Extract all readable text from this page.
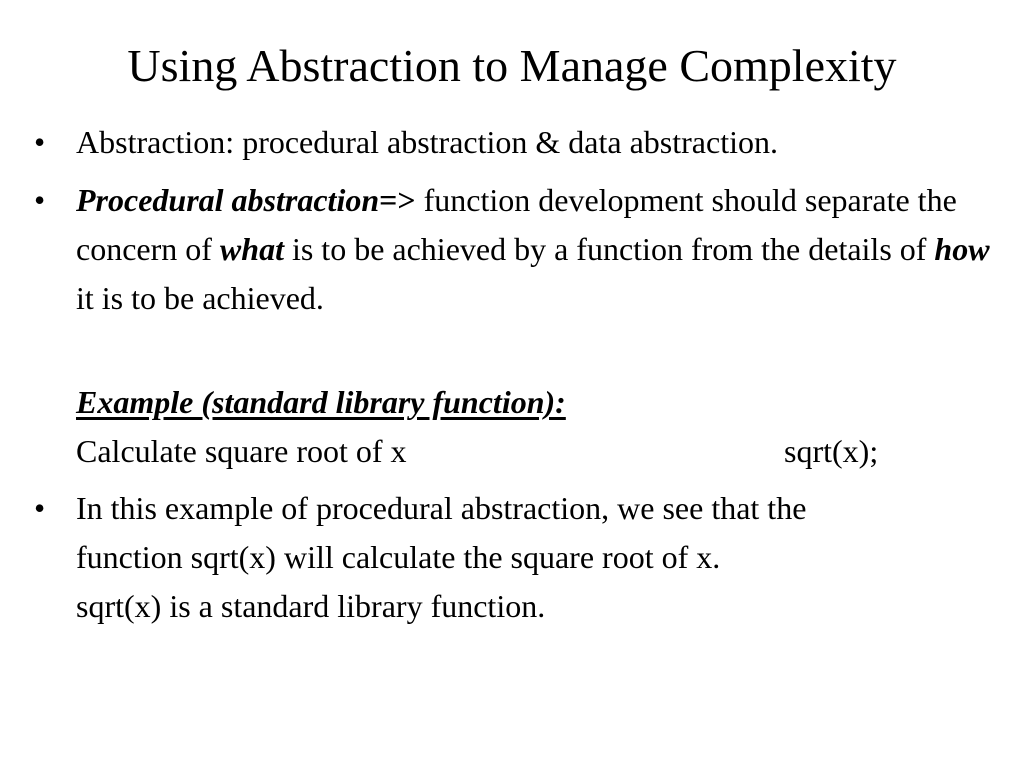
Using Abstraction to Manage Complexity
• Abstraction: procedural abstraction & data abstraction.
• Procedural abstraction=> function development should separate the concern of what is to be achieved by a function from the details of how it is to be achieved.
Example (standard library function):
Calculate square root of x	sqrt(x);
• In this example of procedural abstraction, we see that the
function sqrt(x) will calculate the square root of x.
sqrt(x) is a standard library function.
